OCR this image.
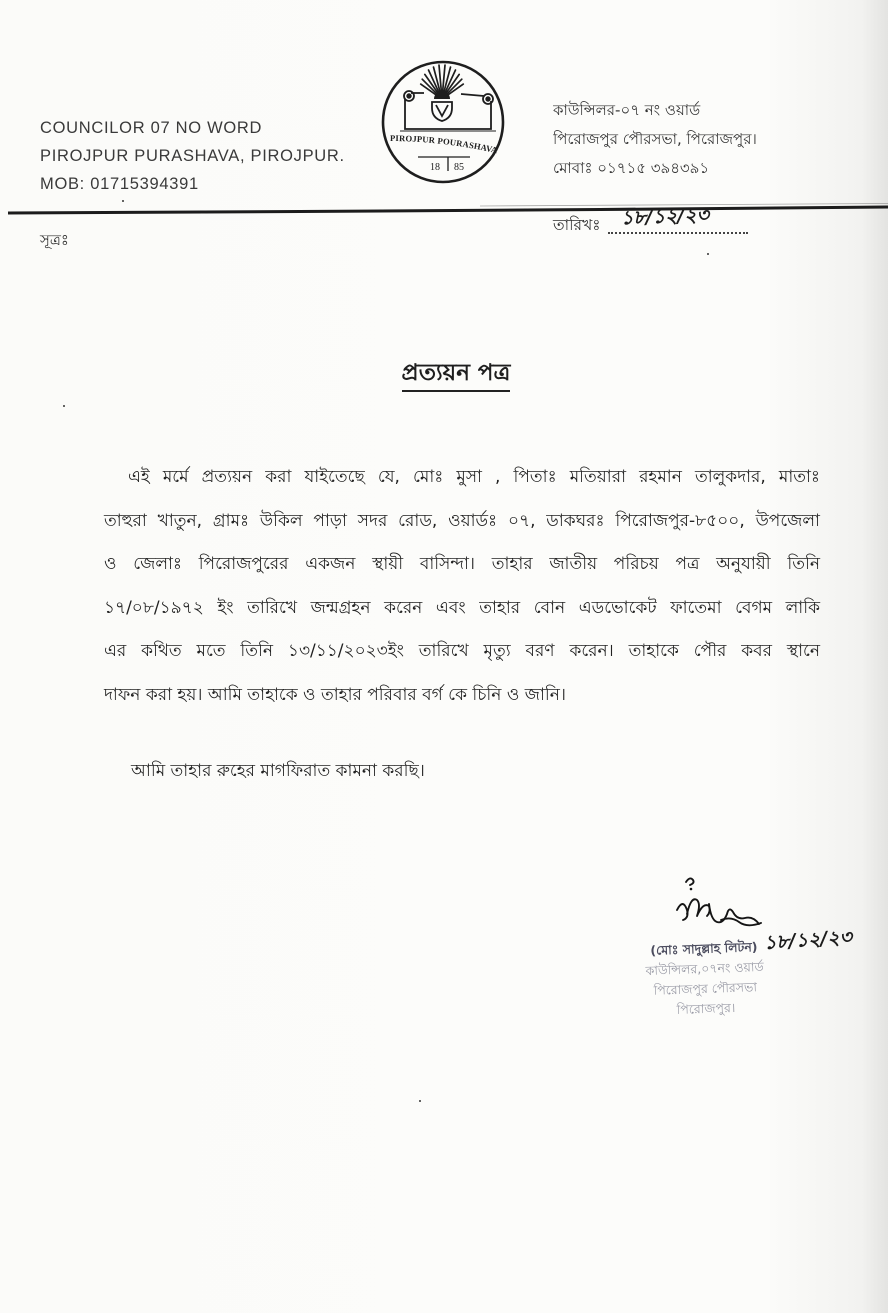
COUNCILOR 07 NO WORD
PIROJPUR PURASHAVA, PIROJPUR.
MOB: 01715394391
PIROJPUR POURASHAVA
18 85
কাউন্সিলর-০৭ নং ওয়ার্ড
পিরোজপুর পৌরসভা, পিরোজপুর।
মোবাঃ ০১৭১৫ ৩৯৪৩৯১
তারিখঃ ১৮/১২/২৩
সূত্রঃ
প্রত্যয়ন পত্র
এই মর্মে প্রত্যয়ন করা যাইতেছে যে, মোঃ মুসা , পিতাঃ মতিয়ারা রহমান তালুকদার, মাতাঃ
তাহুরা খাতুন, গ্রামঃ উকিল পাড়া সদর রোড, ওয়ার্ডঃ ০৭, ডাকঘরঃ পিরোজপুর-৮৫০০, উপজেলা
ও জেলাঃ পিরোজপুরের একজন স্থায়ী বাসিন্দা। তাহার জাতীয় পরিচয় পত্র অনুযায়ী তিনি
১৭/০৮/১৯৭২ ইং তারিখে জন্মগ্রহন করেন এবং তাহার বোন এডভোকেট ফাতেমা বেগম লাকি
এর কথিত মতে তিনি ১৩/১১/২০২৩ইং তারিখে মৃত্যু বরণ করেন। তাহাকে পৌর কবর স্থানে
দাফন করা হয়। আমি তাহাকে ও তাহার পরিবার বর্গ কে চিনি ও জানি।
আমি তাহার রুহের মাগফিরাত কামনা করছি।
১৮/১২/২৩
(মোঃ সাদুল্লাহ লিটন)
কাউন্সিলর,০৭নং ওয়ার্ড
পিরোজপুর পৌরসভা
পিরোজপুর।
